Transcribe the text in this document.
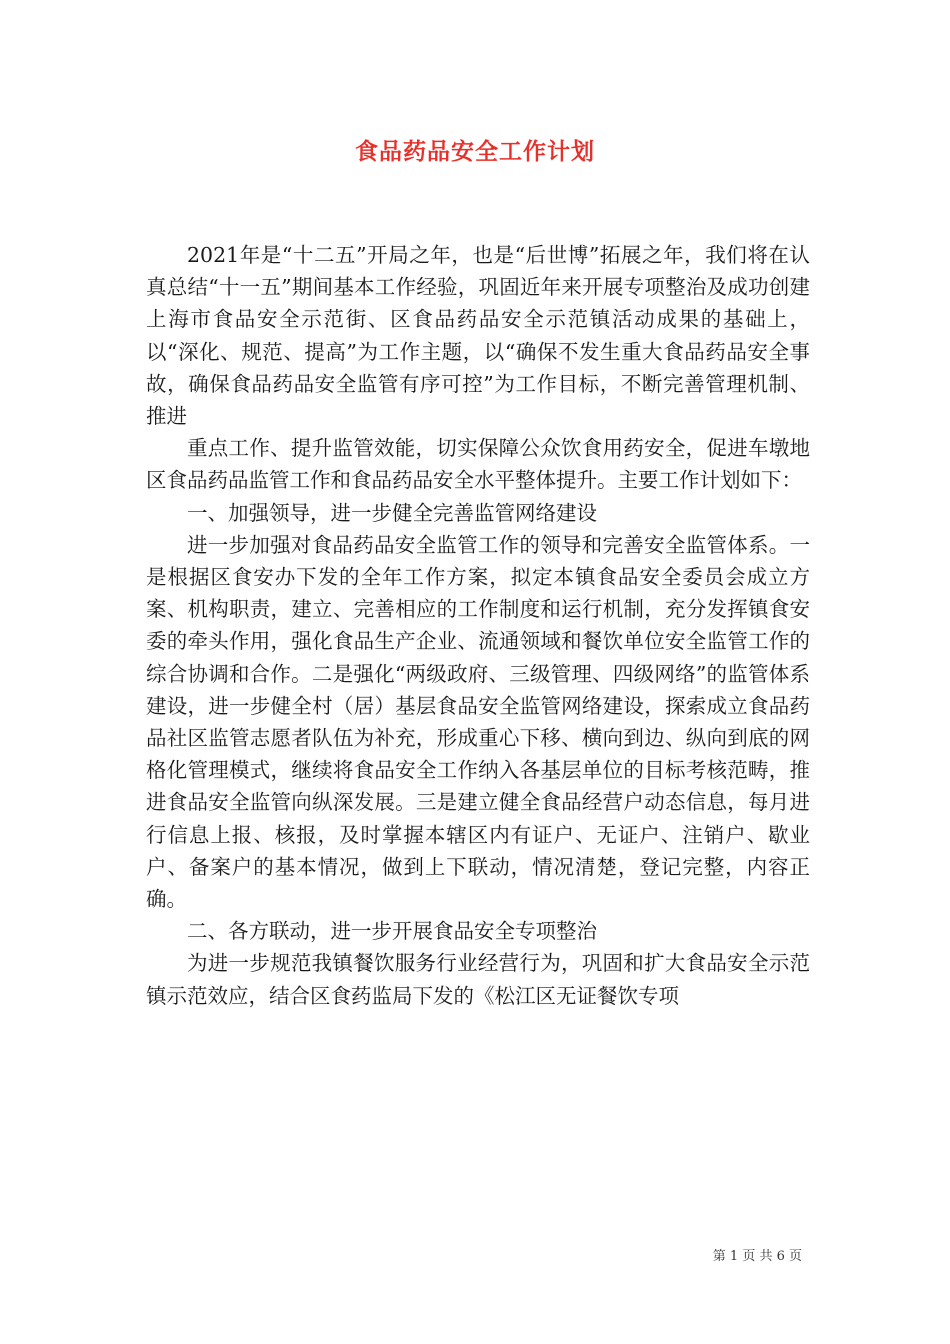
食品药品安全工作计划

2021年是“十二五”开局之年，也是“后世博”拓展之年，我们将在认真总结“十一五”期间基本工作经验，巩固近年来开展专项整治及成功创建上海市食品安全示范街、区食品药品安全示范镇活动成果的基础上，以“深化、规范、提高”为工作主题，以“确保不发生重大食品药品安全事故，确保食品药品安全监管有序可控”为工作目标，不断完善管理机制、推进

重点工作、提升监管效能，切实保障公众饮食用药安全，促进车墩地区食品药品监管工作和食品药品安全水平整体提升。主要工作计划如下：

一、加强领导，进一步健全完善监管网络建设

进一步加强对食品药品安全监管工作的领导和完善安全监管体系。一是根据区食安办下发的全年工作方案，拟定本镇食品安全委员会成立方案、机构职责，建立、完善相应的工作制度和运行机制，充分发挥镇食安委的牵头作用，强化食品生产企业、流通领域和餐饮单位安全监管工作的综合协调和合作。二是强化“两级政府、三级管理、四级网络”的监管体系建设，进一步健全村（居）基层食品安全监管网络建设，探索成立食品药品社区监管志愿者队伍为补充，形成重心下移、横向到边、纵向到底的网格化管理模式，继续将食品安全工作纳入各基层单位的目标考核范畴，推进食品安全监管向纵深发展。三是建立健全食品经营户动态信息，每月进行信息上报、核报，及时掌握本辖区内有证户、无证户、注销户、歇业户、备案户的基本情况，做到上下联动，情况清楚，登记完整，内容正确。

二、各方联动，进一步开展食品安全专项整治

为进一步规范我镇餐饮服务行业经营行为，巩固和扩大食品安全示范镇示范效应，结合区食药监局下发的《松江区无证餐饮专项

第 1 页 共 6 页
